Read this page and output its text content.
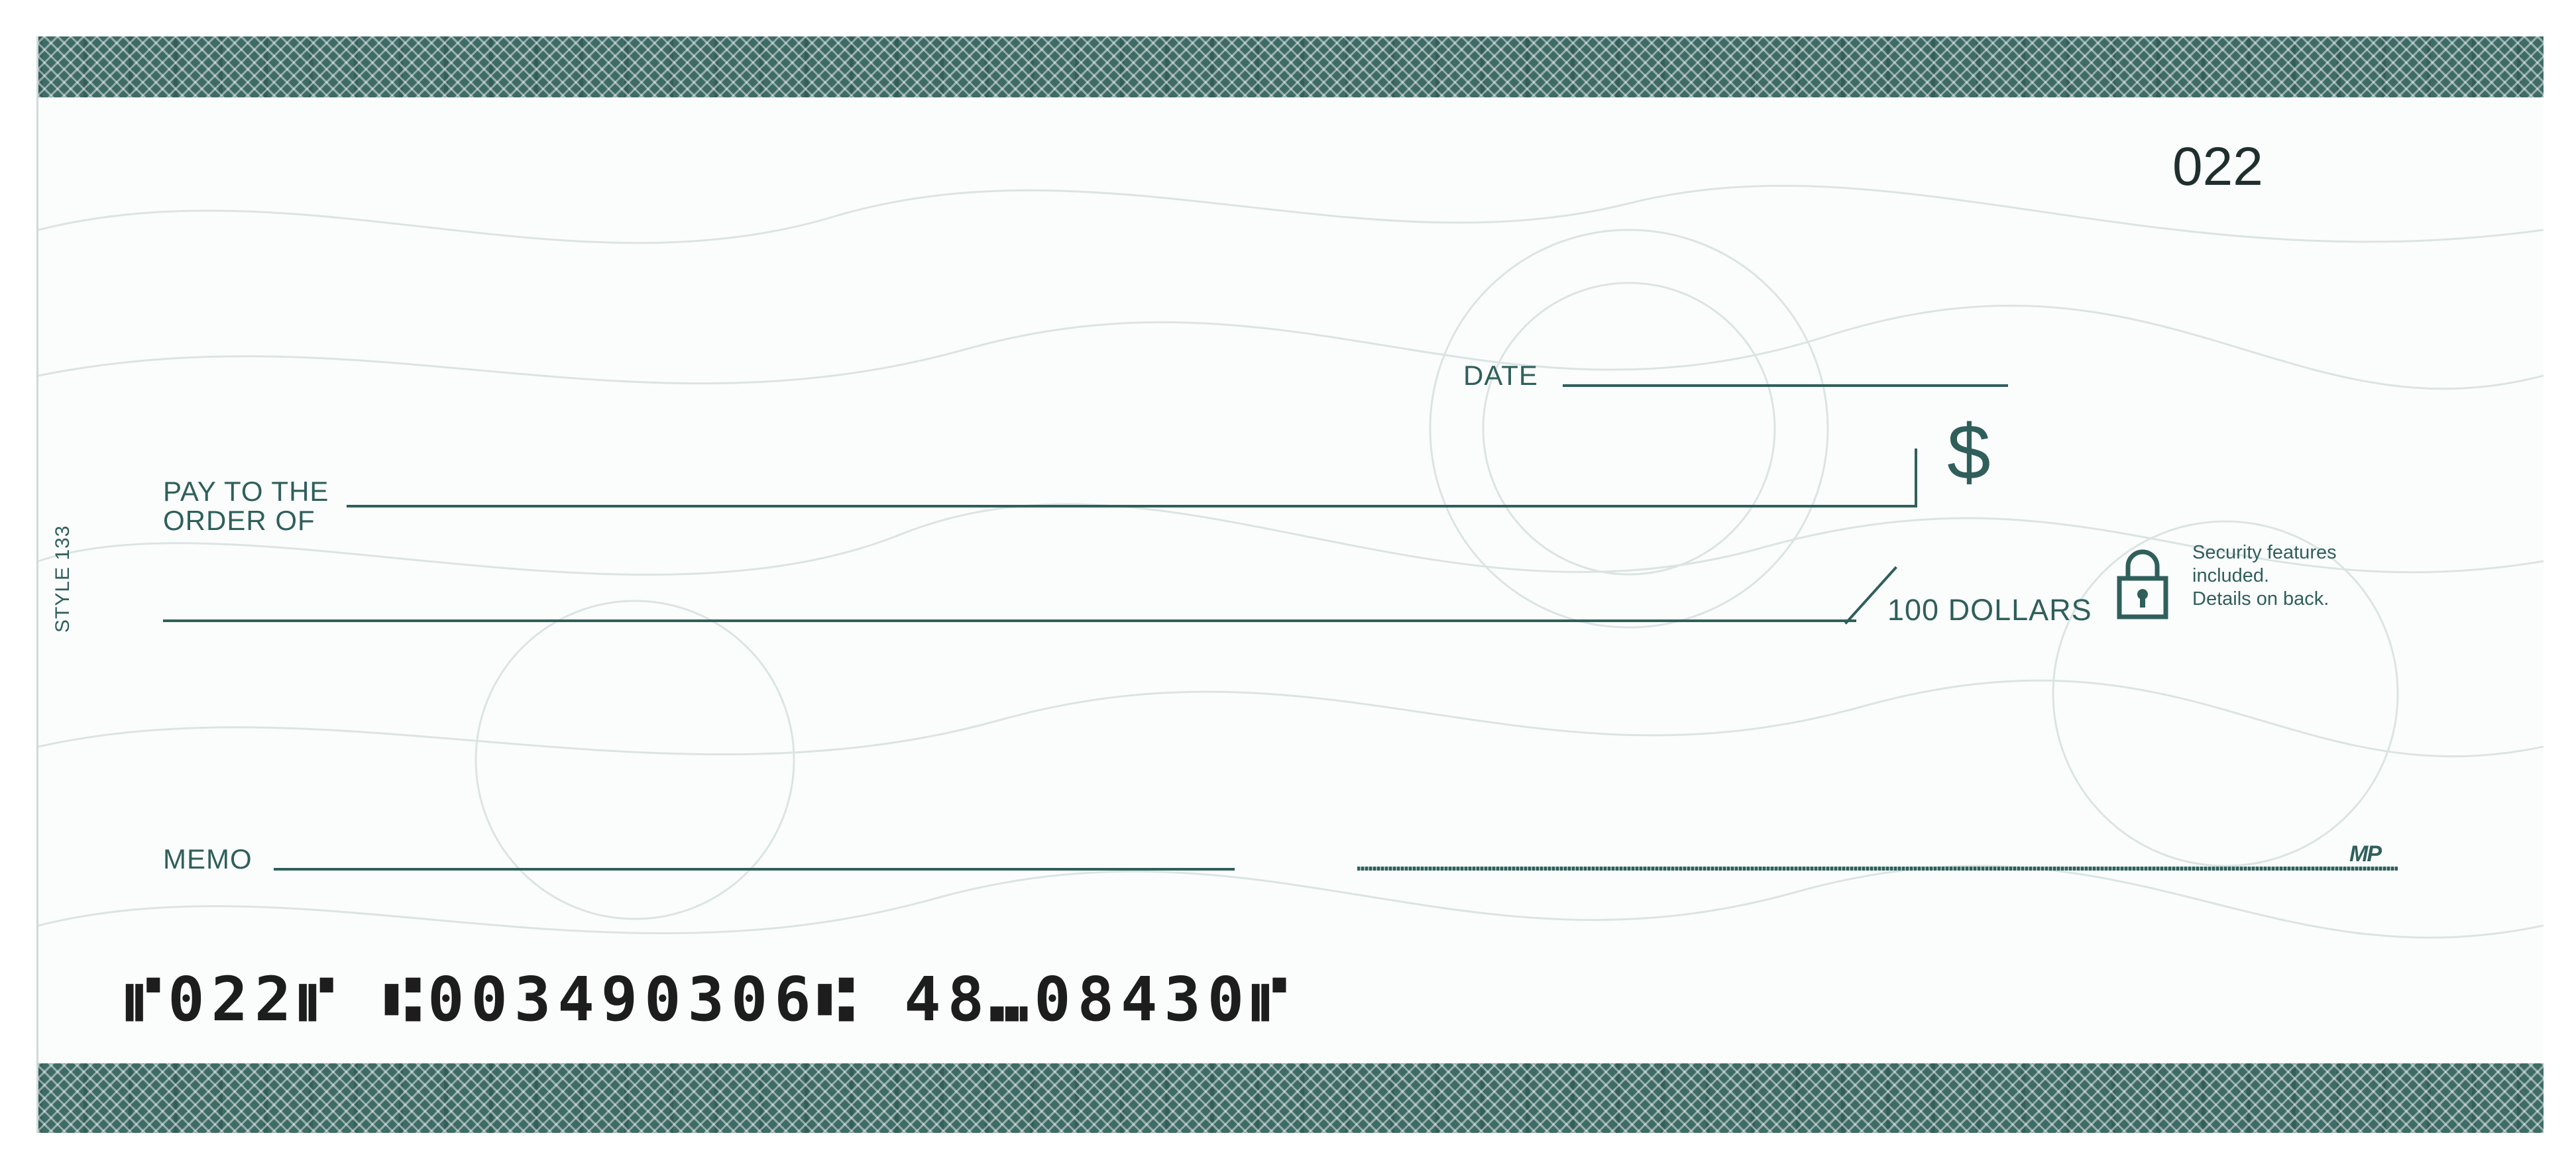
022
STYLE 133
DATE
PAY TO THE
ORDER OF
$
100 DOLLARS
Security features
included.
Details on back.
MEMO	MP
⑈022⑈ ⑆003490306⑆ 48⑉08430⑈
